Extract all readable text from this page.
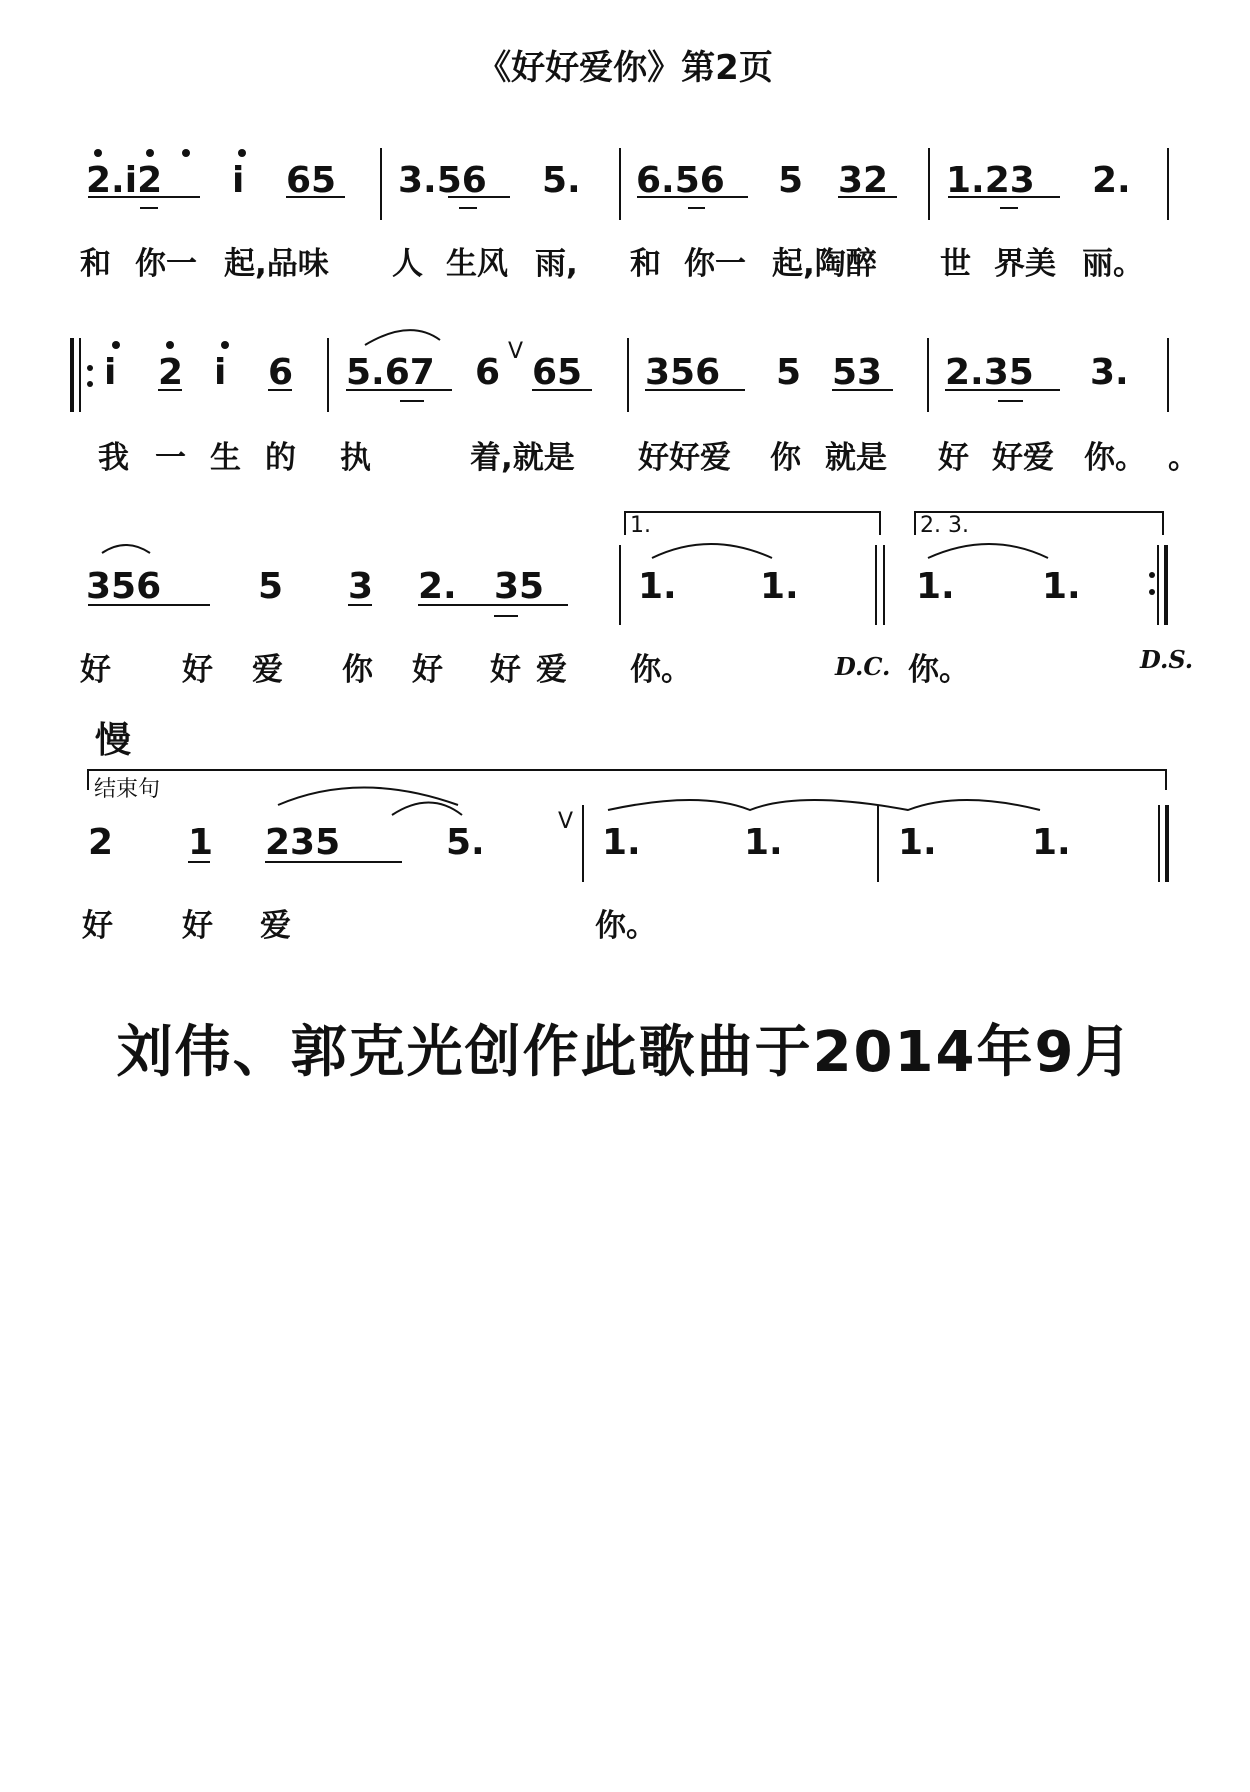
《好好爱你》第2页
V
V
2.i2 i 65 3.56 5. 6.56 5 32 1.23 2.
和 你一 起,品味 人 生风 雨, 和 你一 起,陶醉 世 界美 丽。
i 2 i 6 5.67 6 65 356 5 53 2.35 3.
我 一 生 的 执	着,就是 好好爱 你 就是 好 好爱 你。 。
1.	2. 3.
356	5 3 2. 35	1. 1.	1. 1.
好 好 爱 你 好 好 爱 你。	你。
D.C.	D.S.
慢
结束句
2 1 235	5.	1.	1.	1.	1.
好 好 爱	你。
刘伟、郭克光创作此歌曲于2014年9月
